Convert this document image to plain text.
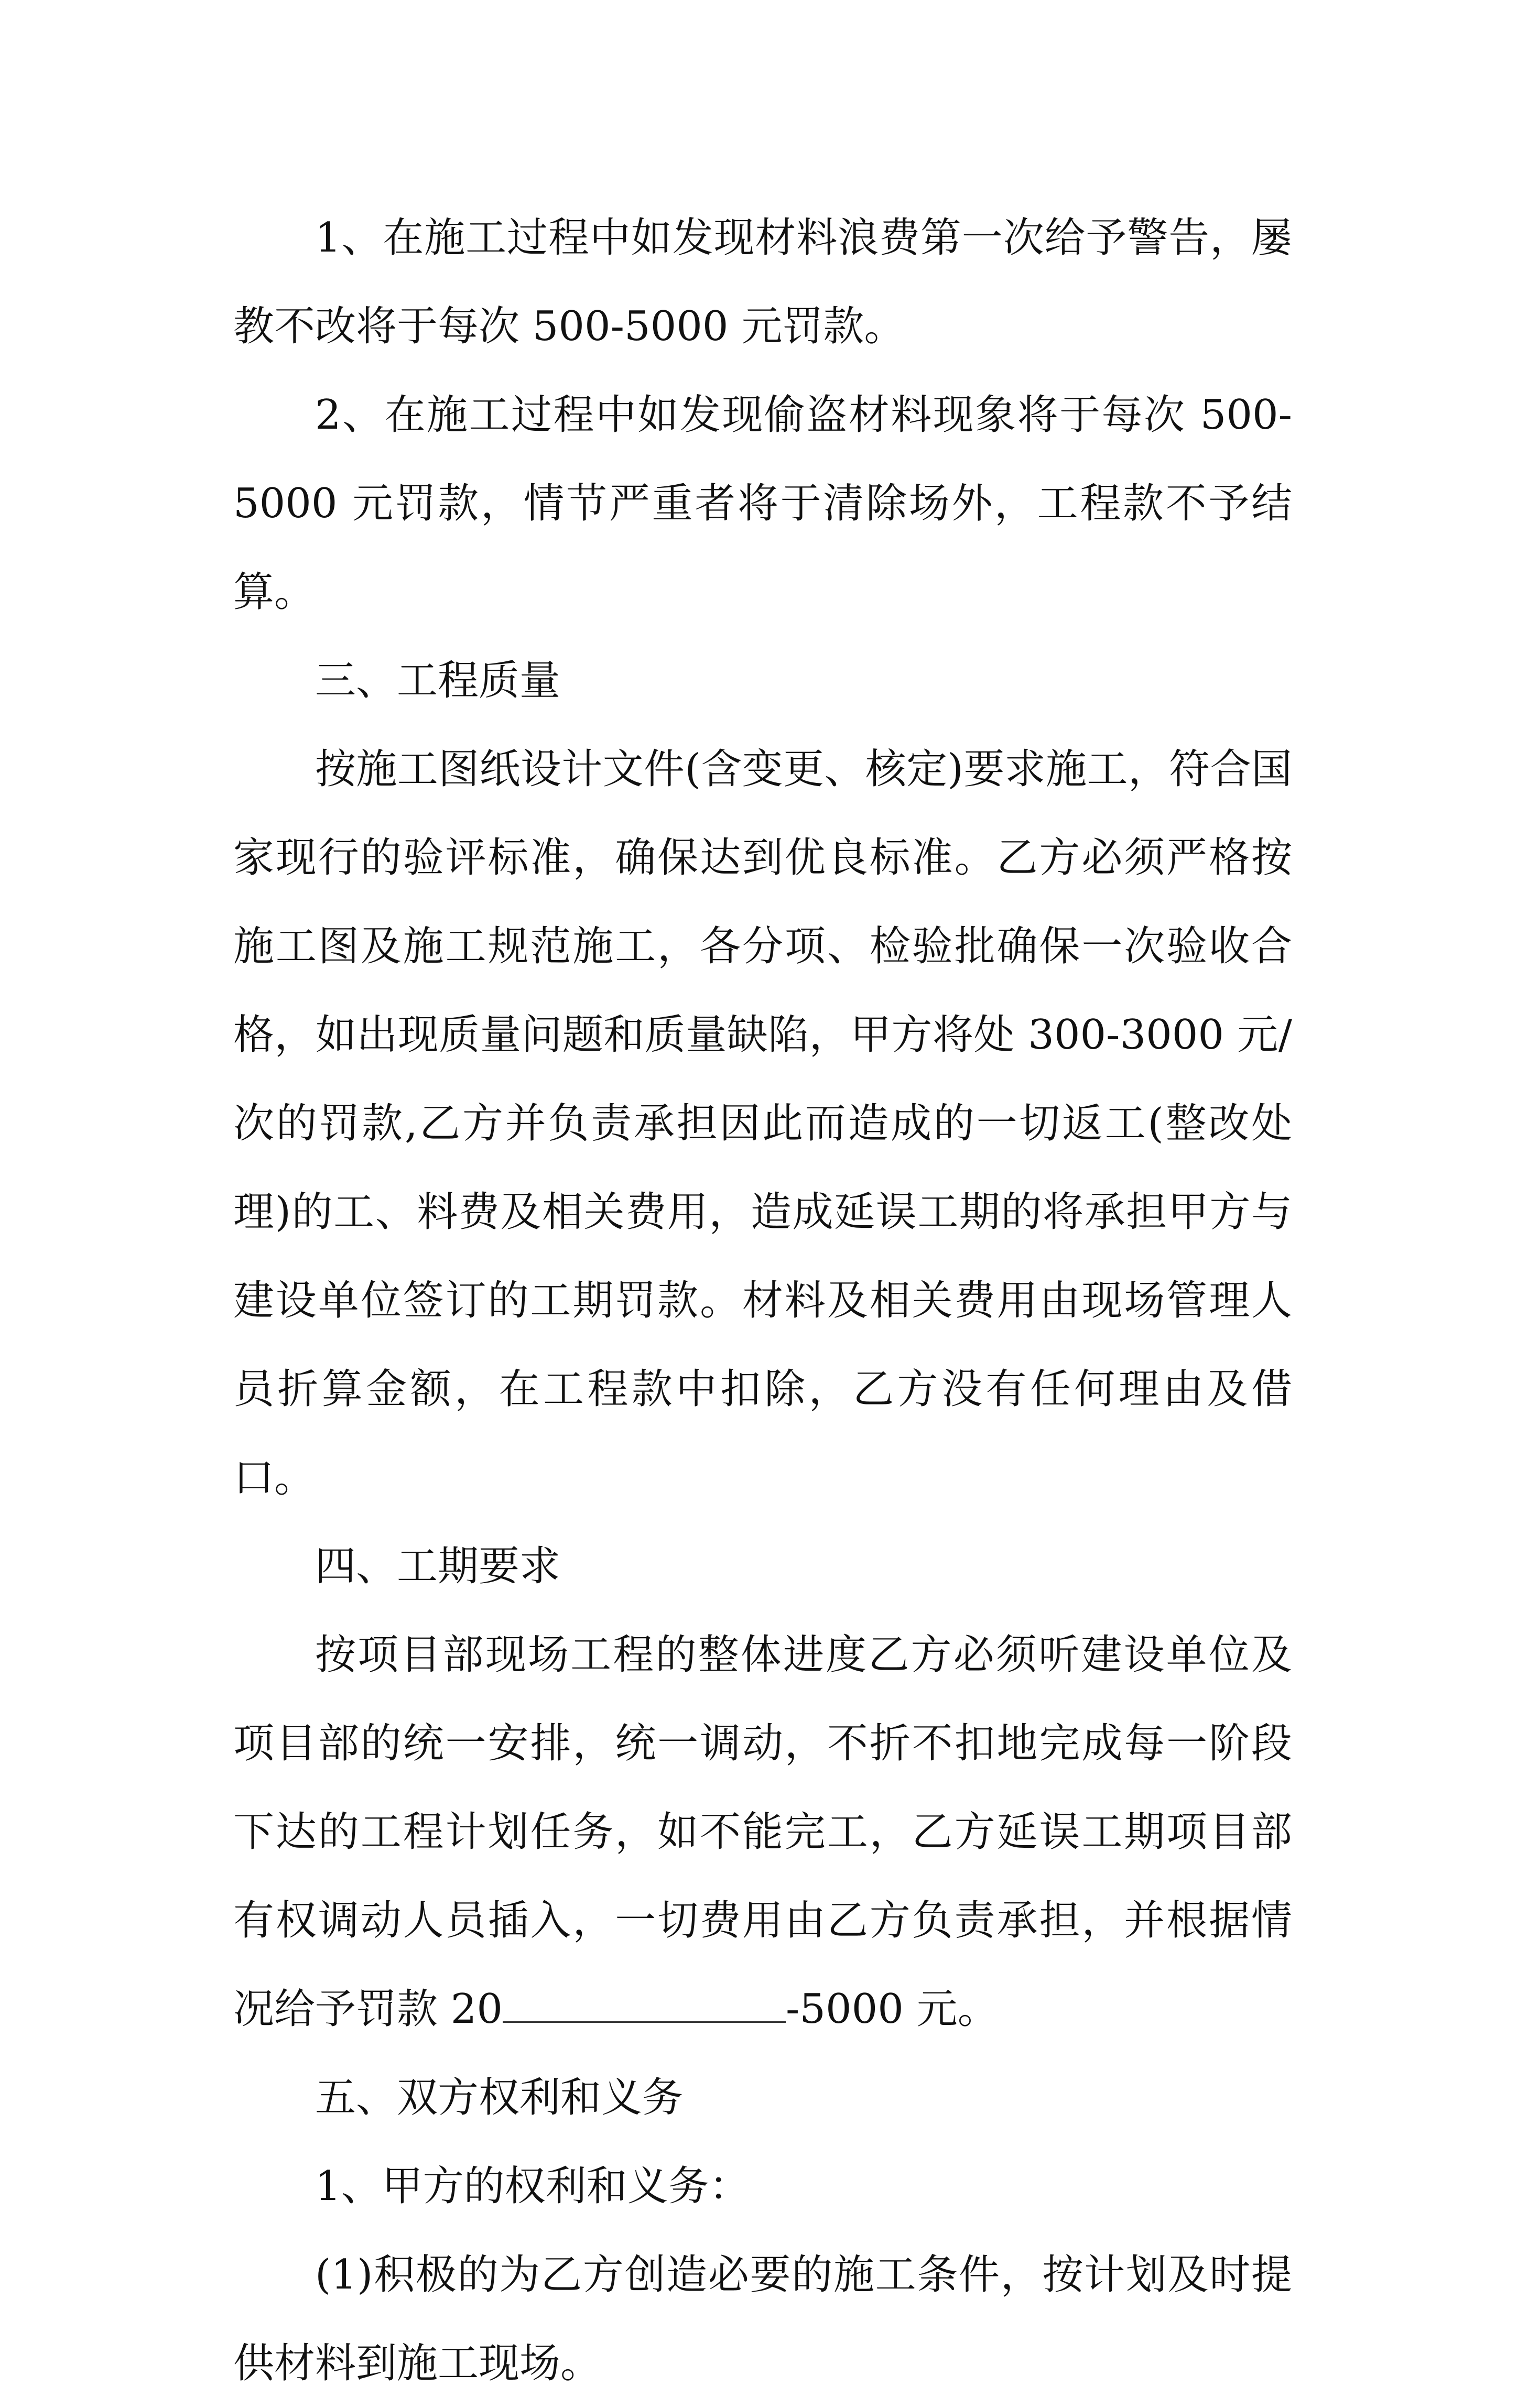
1、在施工过程中如发现材料浪费第一次给予警告，屡教不改将于每次 500-5000 元罚款。

2、在施工过程中如发现偷盗材料现象将于每次 500-5000 元罚款，情节严重者将于清除场外，工程款不予结算。

三、工程质量

按施工图纸设计文件(含变更、核定)要求施工，符合国家现行的验评标准，确保达到优良标准。乙方必须严格按施工图及施工规范施工，各分项、检验批确保一次验收合格，如出现质量问题和质量缺陷，甲方将处 300-3000 元/次的罚款,乙方并负责承担因此而造成的一切返工(整改处理)的工、料费及相关费用，造成延误工期的将承担甲方与建设单位签订的工期罚款。材料及相关费用由现场管理人员折算金额，在工程款中扣除，乙方没有任何理由及借口。

四、工期要求

按项目部现场工程的整体进度乙方必须听建设单位及项目部的统一安排，统一调动，不折不扣地完成每一阶段下达的工程计划任务，如不能完工，乙方延误工期项目部有权调动人员插入，一切费用由乙方负责承担，并根据情况给予罚款 20	-5000 元。

五、双方权利和义务

1、甲方的权利和义务：

(1)积极的为乙方创造必要的施工条件，按计划及时提供材料到施工现场。
